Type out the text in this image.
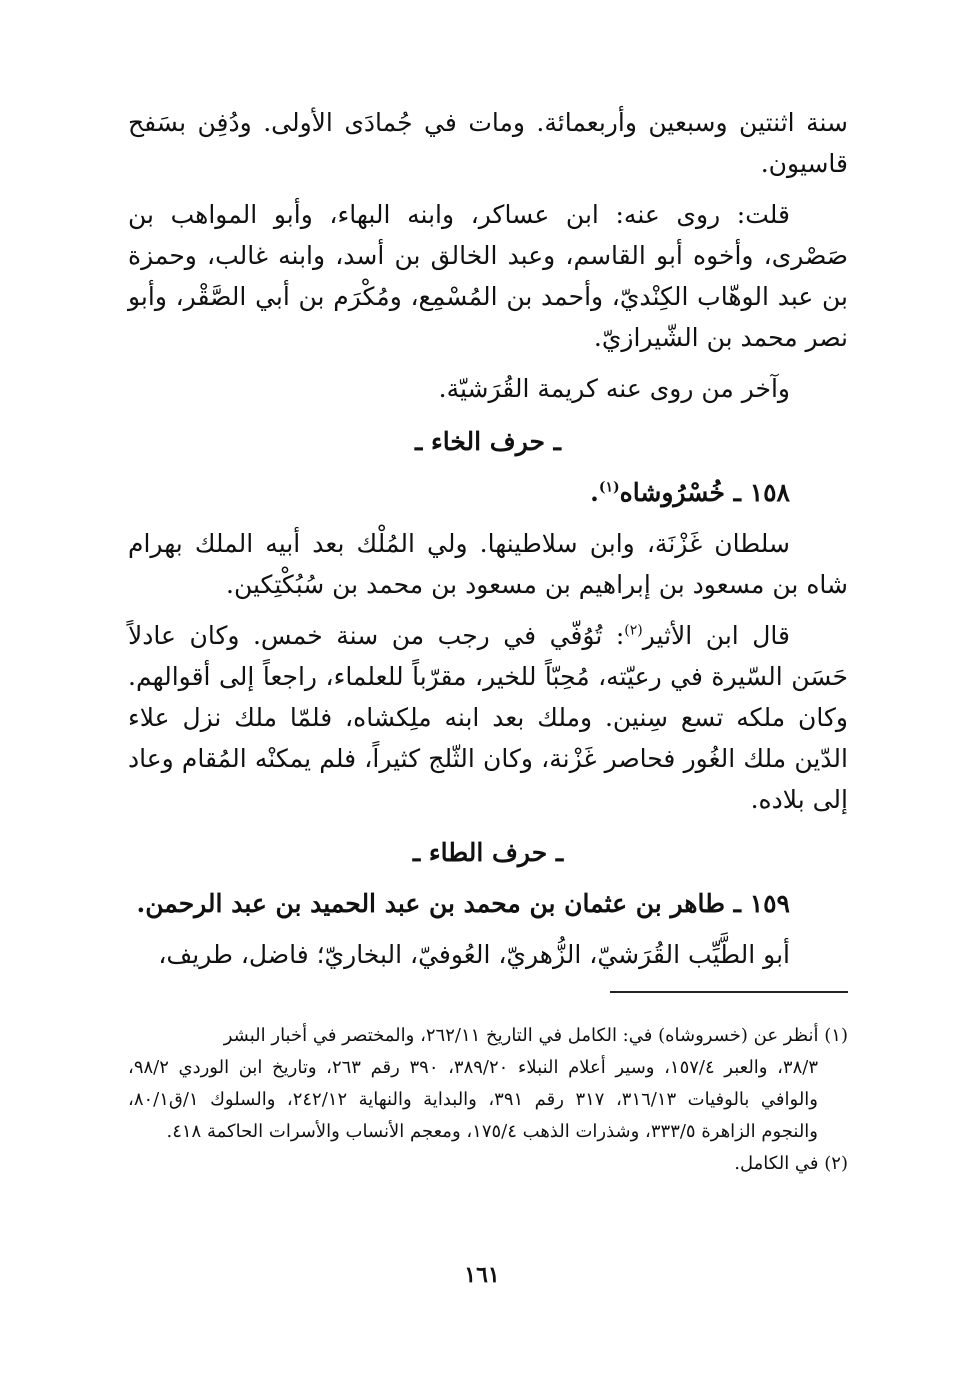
سنة اثنتين وسبعين وأربعمائة. ومات في جُمادَى الأولى. ودُفِن بسَفح قاسيون.

قلت: روى عنه: ابن عساكر، وابنه البهاء، وأبو المواهب بن صَصْرى، وأخوه أبو القاسم، وعبد الخالق بن أسد، وابنه غالب، وحمزة بن عبد الوهّاب الكِنْديّ، وأحمد بن المُسْمِع، ومُكْرَم بن أبي الصَّقْر، وأبو نصر محمد بن الشّيرازيّ.

وآخر من روى عنه كريمة القُرَشيّة.

ـ حرف الخاء ـ

١٥٨ ـ خُسْرُوشاه$^{(١)}$.

سلطان غَزْنَة، وابن سلاطينها. ولي المُلْك بعد أبيه الملك بهرام شاه بن مسعود بن إبراهيم بن مسعود بن محمد بن سُبُكْتِكين.

قال ابن الأثير$^{(٢)}$: تُوُفّي في رجب من سنة خمس. وكان عادلاً حَسَن السّيرة في رعيّته، مُحِبّاً للخير، مقرّباً للعلماء، راجعاً إلى أقوالهم. وكان ملكه تسع سِنين. وملك بعد ابنه ملِكشاه، فلمّا ملك نزل علاء الدّين ملك الغُور فحاصر غَزْنة، وكان الثّلج كثيراً، فلم يمكنْه المُقام وعاد إلى بلاده.

ـ حرف الطاء ـ

١٥٩ ـ طاهر بن عثمان بن محمد بن عبد الحميد بن عبد الرحمن.

أبو الطَّيِّب القُرَشيّ، الزُّهريّ، العُوفيّ، البخاريّ؛ فاضل، طريف،

(١) أنظر عن (خسروشاه) في: الكامل في التاريخ ٢٦٢/١١، والمختصر في أخبار البشر

٣٨/٣، والعبر ١٥٧/٤، وسير أعلام النبلاء ٣٨٩/٢٠، ٣٩٠ رقم ٢٦٣، وتاريخ ابن الوردي ٩٨/٢، والوافي بالوفيات ٣١٦/١٣، ٣١٧ رقم ٣٩١، والبداية والنهاية ٢٤٢/١٢، والسلوك ١/ق٨٠/١، والنجوم الزاهرة ٣٣٣/٥، وشذرات الذهب ١٧٥/٤، ومعجم الأنساب والأسرات الحاكمة ٤١٨.

(٢) في الكامل.

١٦١
